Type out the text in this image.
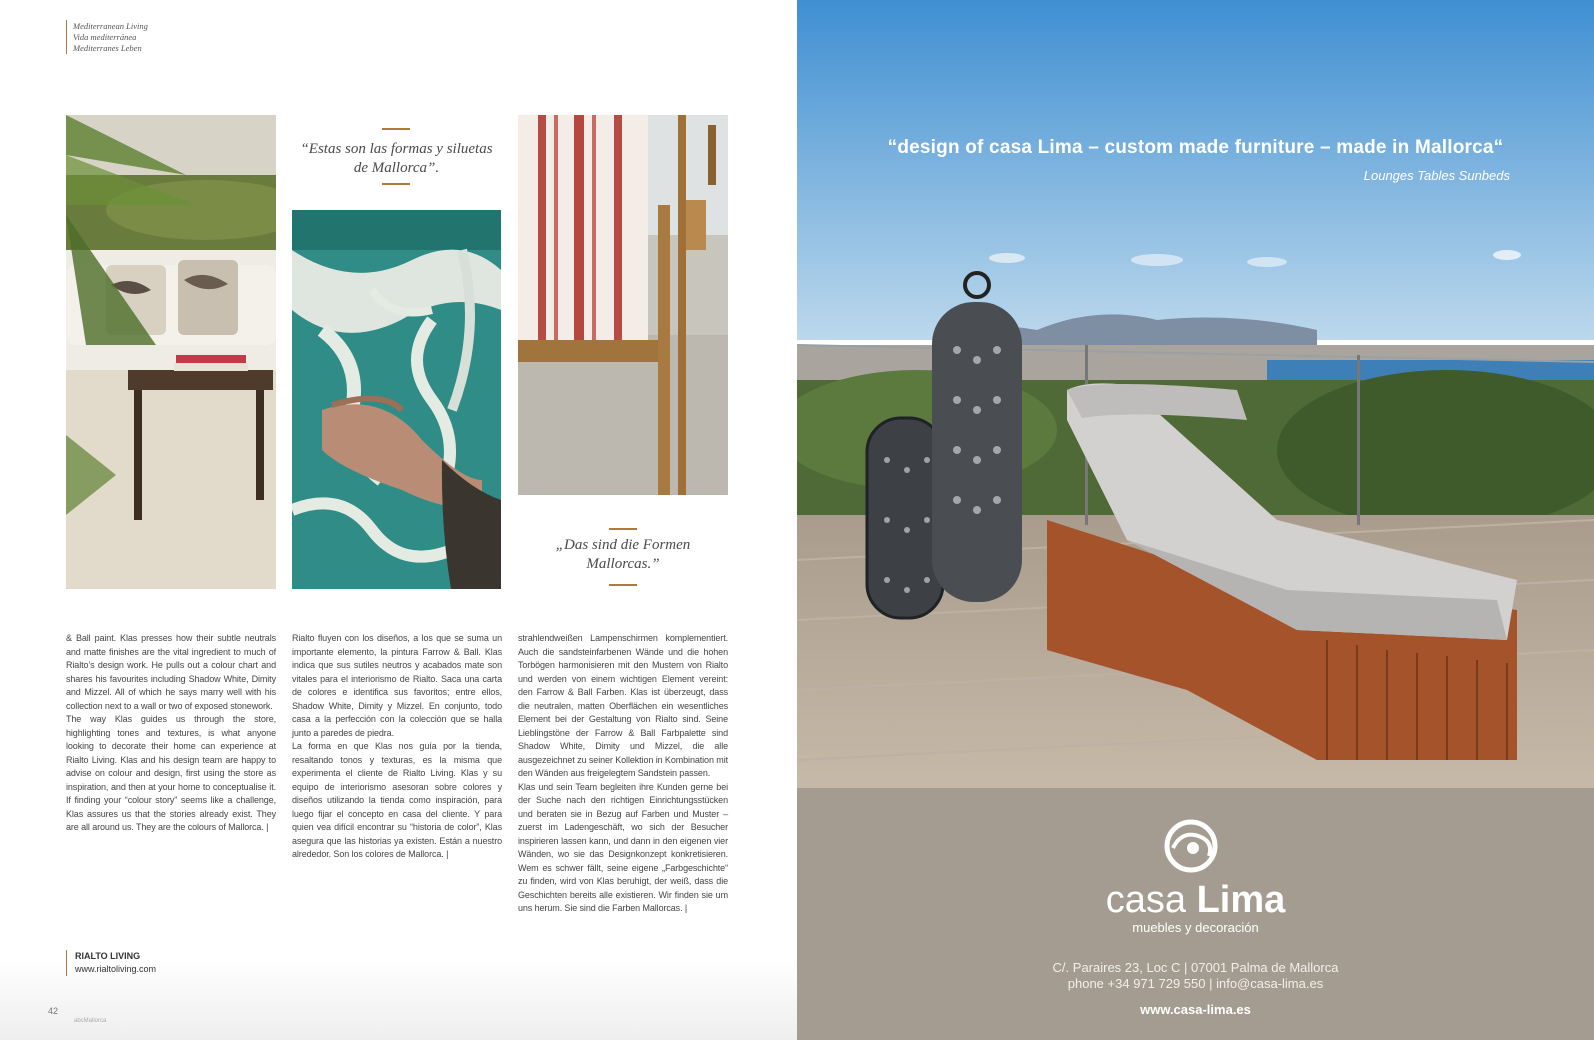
Mediterranean Living
Vida mediterránea
Mediterranes Leben
“Estas son las formas y siluetas de Mallorca”.
„Das sind die Formen Mallorcas.”

& Ball paint. Klas presses how their subtle neutrals and matte finishes are the vital ingredient to much of Rialto’s design work. He pulls out a colour chart and shares his favourites including Shadow White, Dimity and Mizzel. All of which he says marry well with his collection next to a wall or two of exposed stonework.

The way Klas guides us through the store, highlighting tones and textures, is what anyone looking to decorate their home can experience at Rialto Living. Klas and his design team are happy to advise on colour and design, first using the store as inspiration, and then at your home to conceptualise it. If finding your “colour story” seems like a challenge, Klas assures us that the stories already exist. They are all around us. They are the colours of Mallorca. |

Rialto fluyen con los diseños, a los que se suma un importante elemento, la pintura Farrow & Ball. Klas indica que sus sutiles neutros y acabados mate son vitales para el interiorismo de Rialto. Saca una carta de colores e identifica sus favoritos; entre ellos, Shadow White, Dimity y Mizzel. En conjunto, todo casa a la perfección con la colección que se halla junto a paredes de piedra.

La forma en que Klas nos guía por la tienda, resaltando tonos y texturas, es la misma que experimenta el cliente de Rialto Living. Klas y su equipo de interiorismo asesoran sobre colores y diseños utilizando la tienda como inspiración, para luego fijar el concepto en casa del cliente. Y para quien vea difícil encontrar su “historia de color”, Klas asegura que las historias ya existen. Están a nuestro alrededor. Son los colores de Mallorca. |

strahlendweißen Lampenschirmen komplementiert. Auch die sandsteinfarbenen Wände und die hohen Torbögen harmonisieren mit den Mustern von Rialto und werden von einem wichtigen Element vereint: den Farrow & Ball Farben. Klas ist überzeugt, dass die neutralen, matten Oberflächen ein wesentliches Element bei der Gestaltung von Rialto sind. Seine Lieblingstöne der Farrow & Ball Farbpalette sind Shadow White, Dimity und Mizzel, die alle ausgezeichnet zu seiner Kollektion in Kombination mit den Wänden aus freigelegtem Sandstein passen.

Klas und sein Team begleiten ihre Kunden gerne bei der Suche nach den richtigen Einrichtungsstücken und beraten sie in Bezug auf Farben und Muster – zuerst im Ladengeschäft, wo sich der Besucher inspirieren lassen kann, und dann in den eigenen vier Wänden, wo sie das Designkonzept konkretisieren. Wem es schwer fällt, seine eigene „Farbgeschichte“ zu finden, wird von Klas beruhigt, der weiß, dass die Geschichten bereits alle existieren. Wir finden sie um uns herum. Sie sind die Farben Mallorcas. |

RIALTO LIVING
www.rialtoliving.com
42
abcMallorca
“design of casa Lima – custom made furniture – made in Mallorca“
Lounges Tables Sunbeds
casa Lima
muebles y decoración
C/. Paraires 23, Loc C | 07001 Palma de Mallorca
phone +34 971 729 550 | info@casa-lima.es
www.casa-lima.es
